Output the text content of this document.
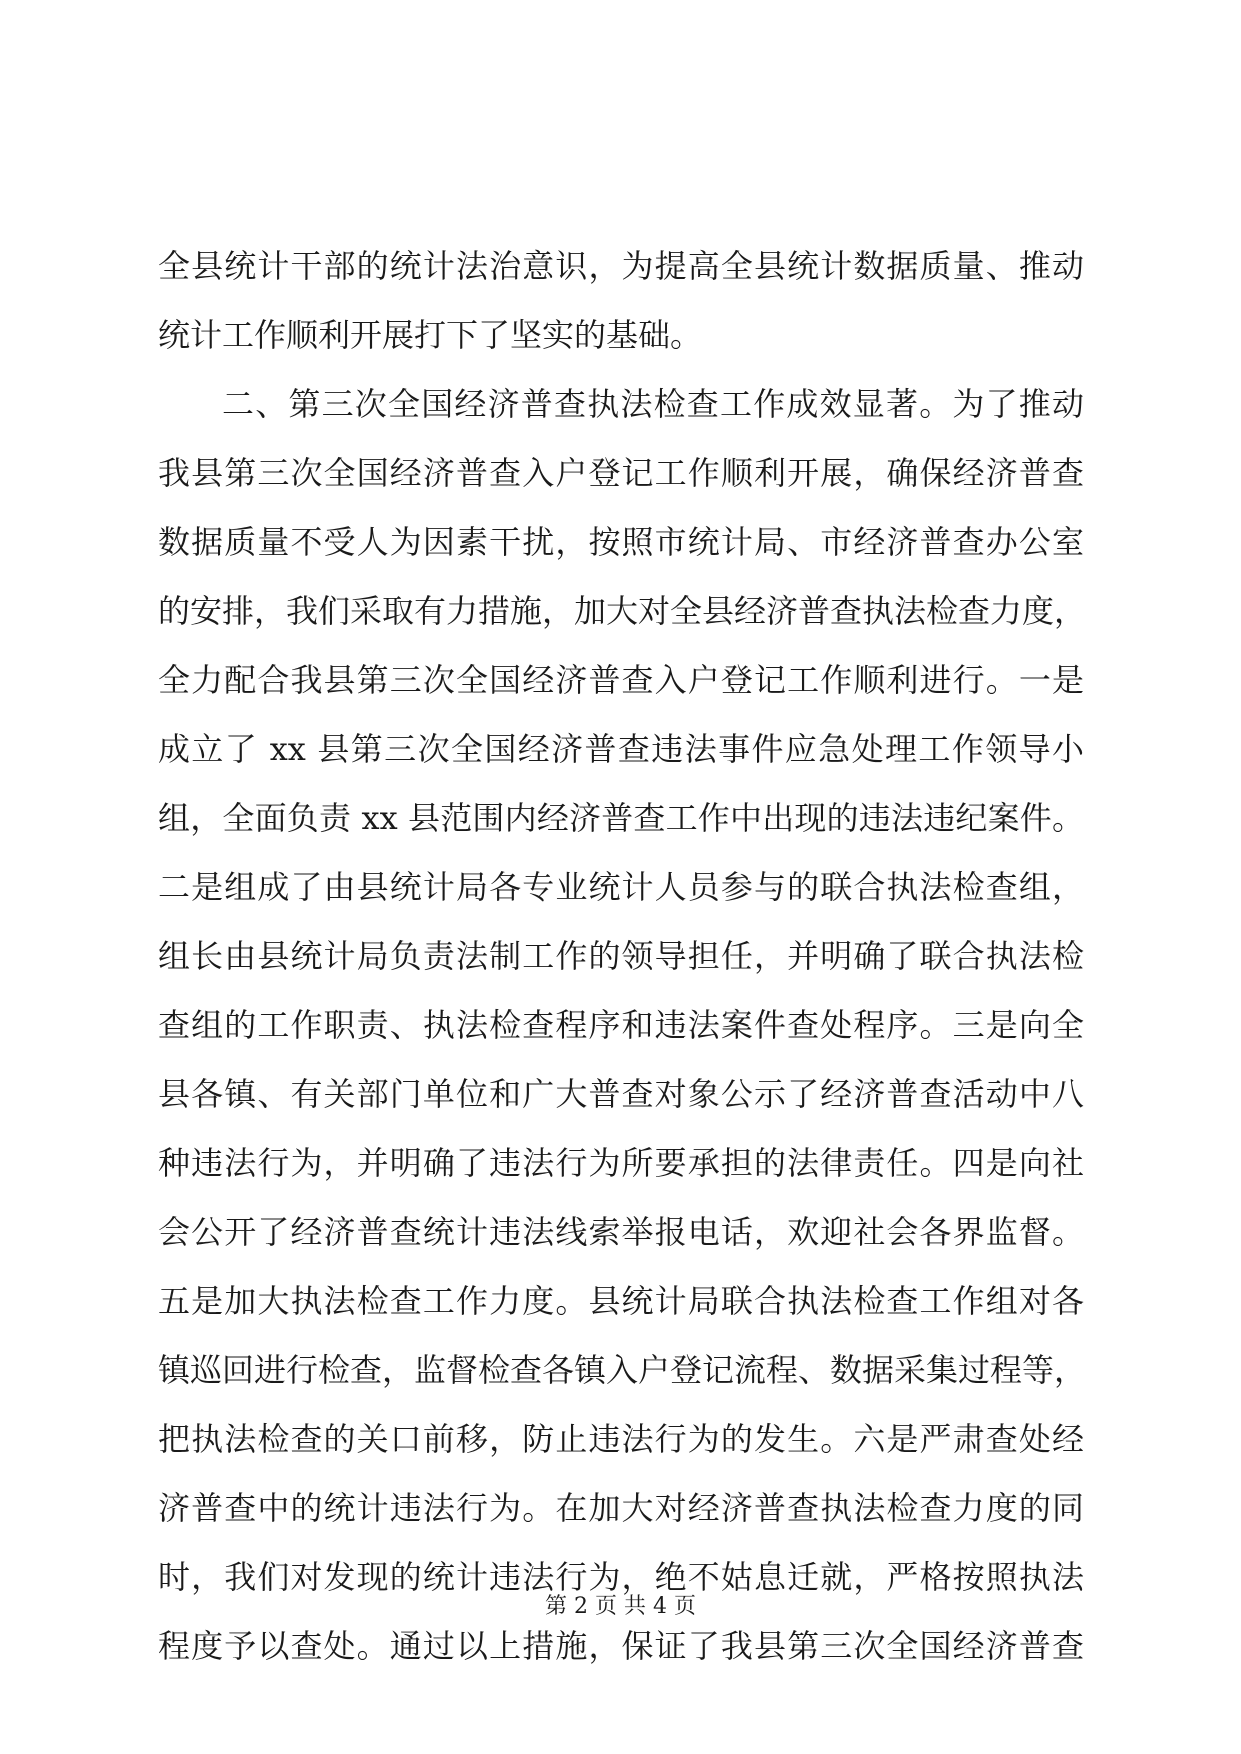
全县统计干部的统计法治意识，为提高全县统计数据质量、推动
统计工作顺利开展打下了坚实的基础。
二、第三次全国经济普查执法检查工作成效显著。为了推动
我县第三次全国经济普查入户登记工作顺利开展，确保经济普查
数据质量不受人为因素干扰，按照市统计局、市经济普查办公室
的安排，我们采取有力措施，加大对全县经济普查执法检查力度，
全力配合我县第三次全国经济普查入户登记工作顺利进行。一是
成立了 xx 县第三次全国经济普查违法事件应急处理工作领导小
组，全面负责 xx 县范围内经济普查工作中出现的违法违纪案件。
二是组成了由县统计局各专业统计人员参与的联合执法检查组，
组长由县统计局负责法制工作的领导担任，并明确了联合执法检
查组的工作职责、执法检查程序和违法案件查处程序。三是向全
县各镇、有关部门单位和广大普查对象公示了经济普查活动中八
种违法行为，并明确了违法行为所要承担的法律责任。四是向社
会公开了经济普查统计违法线索举报电话，欢迎社会各界监督。
五是加大执法检查工作力度。县统计局联合执法检查工作组对各
镇巡回进行检查，监督检查各镇入户登记流程、数据采集过程等，
把执法检查的关口前移，防止违法行为的发生。六是严肃查处经
济普查中的统计违法行为。在加大对经济普查执法检查力度的同
时，我们对发现的统计违法行为，绝不姑息迁就，严格按照执法
程度予以查处。通过以上措施，保证了我县第三次全国经济普查
第 2 页 共 4 页
